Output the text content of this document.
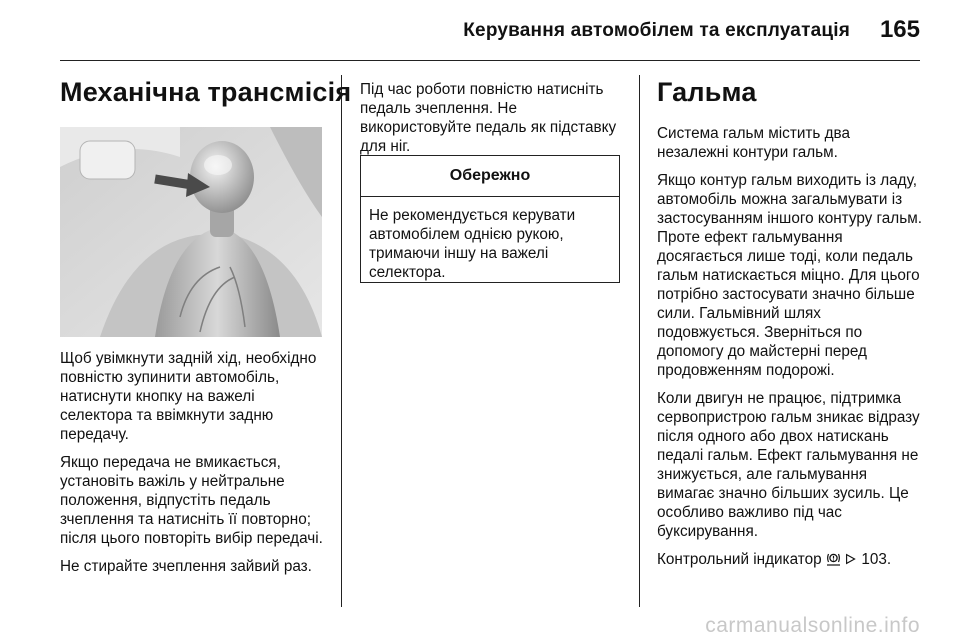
Керування автомобілем та експлуатація 165
Механічна трансмісія

Щоб увімкнути задній хід, необхідно повністю зупинити автомобіль, натиснути кнопку на важелі селектора та ввімкнути задню передачу.

Якщо передача не вмикається, установіть важіль у нейтральне положення, відпустіть педаль зчеплення та натисніть її повторно; після цього повторіть вибір передачі.

Не стирайте зчеплення зайвий раз.

Під час роботи повністю натисніть педаль зчеплення. Не використовуйте педаль як підставку для ніг.

Обережно
Не рекомендується керувати автомобілем однією рукою, тримаючи іншу на важелі селектора.
Гальма

Система гальм містить два незалежні контури гальм.

Якщо контур гальм виходить із ладу, автомобіль можна загальмувати із застосуванням іншого контуру гальм. Проте ефект гальмування досягається лише тоді, коли педаль гальм натискається міцно. Для цього потрібно застосувати значно більше сили. Гальмівний шлях подовжується. Зверніться по допомогу до майстерні перед продовженням подорожі.

Коли двигун не працює, підтримка сервопристрою гальм зникає відразу після одного або двох натискань педалі гальм. Ефект гальмування не знижується, але гальмування вимагає значно більших зусиль. Це особливо важливо під час буксирування.

Контрольний індикатор	103.

carmanualsonline.info
